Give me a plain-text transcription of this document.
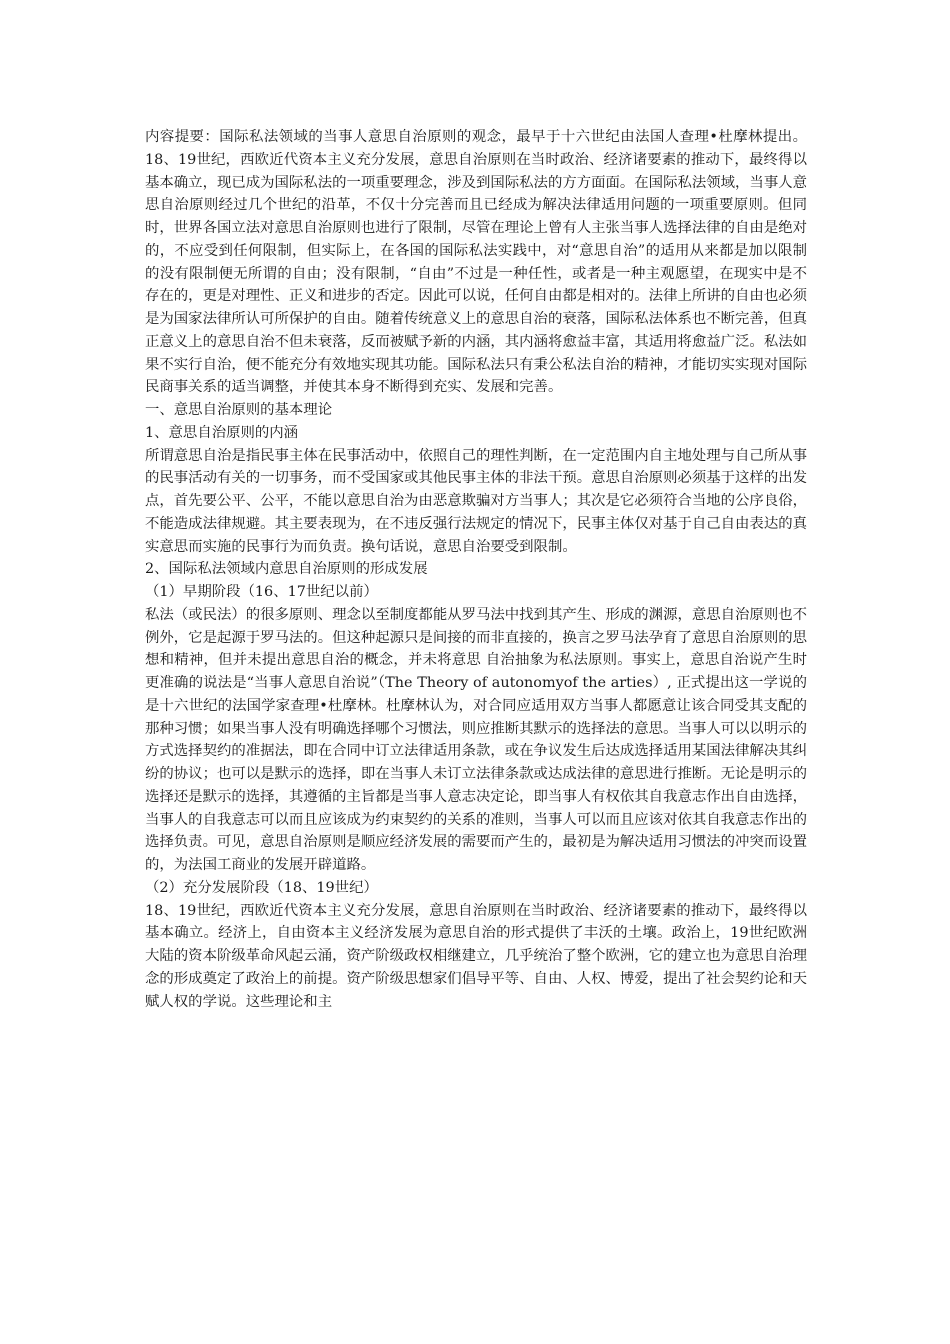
内容提要：国际私法领域的当事人意思自治原则的观念，最早于十六世纪由法国人查理•杜摩林提出。18、19世纪，西欧近代资本主义充分发展，意思自治原则在当时政治、经济诸要素的推动下，最终得以基本确立，现已成为国际私法的一项重要理念，涉及到国际私法的方方面面。在国际私法领域，当事人意思自治原则经过几个世纪的沿革，不仅十分完善而且已经成为解决法律适用问题的一项重要原则。但同时，世界各国立法对意思自治原则也进行了限制，尽管在理论上曾有人主张当事人选择法律的自由是绝对的，不应受到任何限制，但实际上，在各国的国际私法实践中，对“意思自治”的适用从来都是加以限制的没有限制便无所谓的自由；没有限制，“自由”不过是一种任性，或者是一种主观愿望，在现实中是不存在的，更是对理性、正义和进步的否定。因此可以说，任何自由都是相对的。法律上所讲的自由也必须是为国家法律所认可所保护的自由。随着传统意义上的意思自治的衰落，国际私法体系也不断完善，但真正意义上的意思自治不但未衰落，反而被赋予新的内涵，其内涵将愈益丰富，其适用将愈益广泛。私法如果不实行自治，便不能充分有效地实现其功能。国际私法只有秉公私法自治的精神，才能切实实现对国际民商事关系的适当调整，并使其本身不断得到充实、发展和完善。

一、意思自治原则的基本理论

1、意思自治原则的内涵

所谓意思自治是指民事主体在民事活动中，依照自己的理性判断，在一定范围内自主地处理与自己所从事的民事活动有关的一切事务，而不受国家或其他民事主体的非法干预。意思自治原则必须基于这样的出发点，首先要公平、公平，不能以意思自治为由恶意欺骗对方当事人；其次是它必须符合当地的公序良俗，不能造成法律规避。其主要表现为，在不违反强行法规定的情况下，民事主体仅对基于自己自由表达的真实意思而实施的民事行为而负责。换句话说，意思自治要受到限制。

2、国际私法领域内意思自治原则的形成发展

（1）早期阶段（16、17世纪以前）

私法（或民法）的很多原则、理念以至制度都能从罗马法中找到其产生、形成的渊源，意思自治原则也不例外，它是起源于罗马法的。但这种起源只是间接的而非直接的，换言之罗马法孕育了意思自治原则的思想和精神，但并未提出意思自治的概念，并未将意思 自治抽象为私法原则。事实上，意思自治说产生时更准确的说法是“当事人意思自治说”（The Theory of autonomyof the arties）, 正式提出这一学说的是十六世纪的法国学家查理•杜摩林。杜摩林认为，对合同应适用双方当事人都愿意让该合同受其支配的那种习惯；如果当事人没有明确选择哪个习惯法，则应推断其默示的选择法的意思。当事人可以以明示的方式选择契约的准据法，即在合同中订立法律适用条款，或在争议发生后达成选择适用某国法律解决其纠纷的协议；也可以是默示的选择，即在当事人未订立法律条款或达成法律的意思进行推断。无论是明示的选择还是默示的选择，其遵循的主旨都是当事人意志决定论，即当事人有权依其自我意志作出自由选择，当事人的自我意志可以而且应该成为约束契约的关系的准则，当事人可以而且应该对依其自我意志作出的选择负责。可见，意思自治原则是顺应经济发展的需要而产生的，最初是为解决适用习惯法的冲突而设置的，为法国工商业的发展开辟道路。

（2）充分发展阶段（18、19世纪）

18、19世纪，西欧近代资本主义充分发展，意思自治原则在当时政治、经济诸要素的推动下，最终得以基本确立。经济上，自由资本主义经济发展为意思自治的形式提供了丰沃的土壤。政治上，19世纪欧洲大陆的资本阶级革命风起云涌，资产阶级政权相继建立，几乎统治了整个欧洲，它的建立也为意思自治理念的形成奠定了政治上的前提。资产阶级思想家们倡导平等、自由、人权、博爱，提出了社会契约论和天赋人权的学说。这些理论和主
